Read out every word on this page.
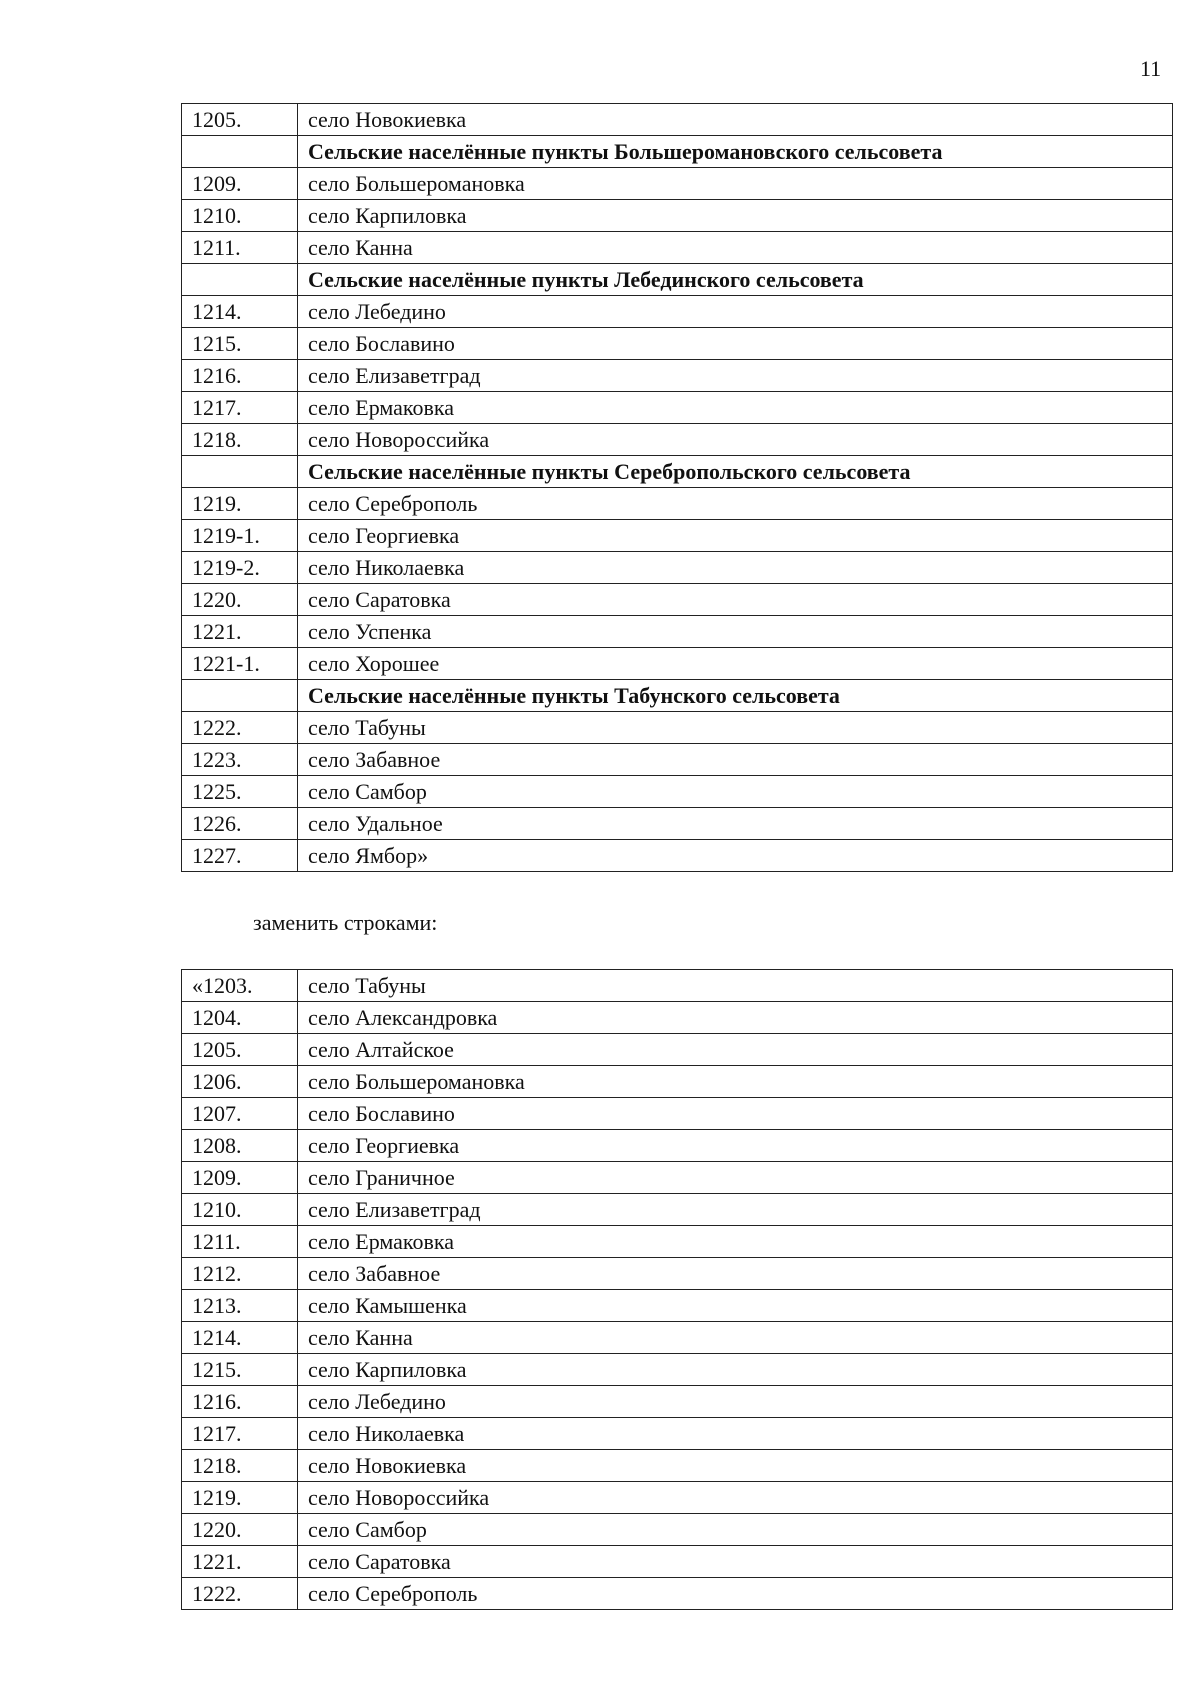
11
1205.	село Новокиевка
	Сельские населённые пункты Большеромановского сельсовета
1209.	село Большеромановка
1210.	село Карпиловка
1211.	село Канна
	Сельские населённые пункты Лебединского сельсовета
1214.	село Лебедино
1215.	село Бославино
1216.	село Елизаветград
1217.	село Ермаковка
1218.	село Новороссийка
	Сельские населённые пункты Серебропольского сельсовета
1219.	село Сереброполь
1219-1.	село Георгиевка
1219-2.	село Николаевка
1220.	село Саратовка
1221.	село Успенка
1221-1.	село Хорошее
	Сельские населённые пункты Табунского сельсовета
1222.	село Табуны
1223.	село Забавное
1225.	село Самбор
1226.	село Удальное
1227.	село Ямбор»
заменить строками:
«1203.	село Табуны
1204.	село Александровка
1205.	село Алтайское
1206.	село Большеромановка
1207.	село Бославино
1208.	село Георгиевка
1209.	село Граничное
1210.	село Елизаветград
1211.	село Ермаковка
1212.	село Забавное
1213.	село Камышенка
1214.	село Канна
1215.	село Карпиловка
1216.	село Лебедино
1217.	село Николаевка
1218.	село Новокиевка
1219.	село Новороссийка
1220.	село Самбор
1221.	село Саратовка
1222.	село Сереброполь
